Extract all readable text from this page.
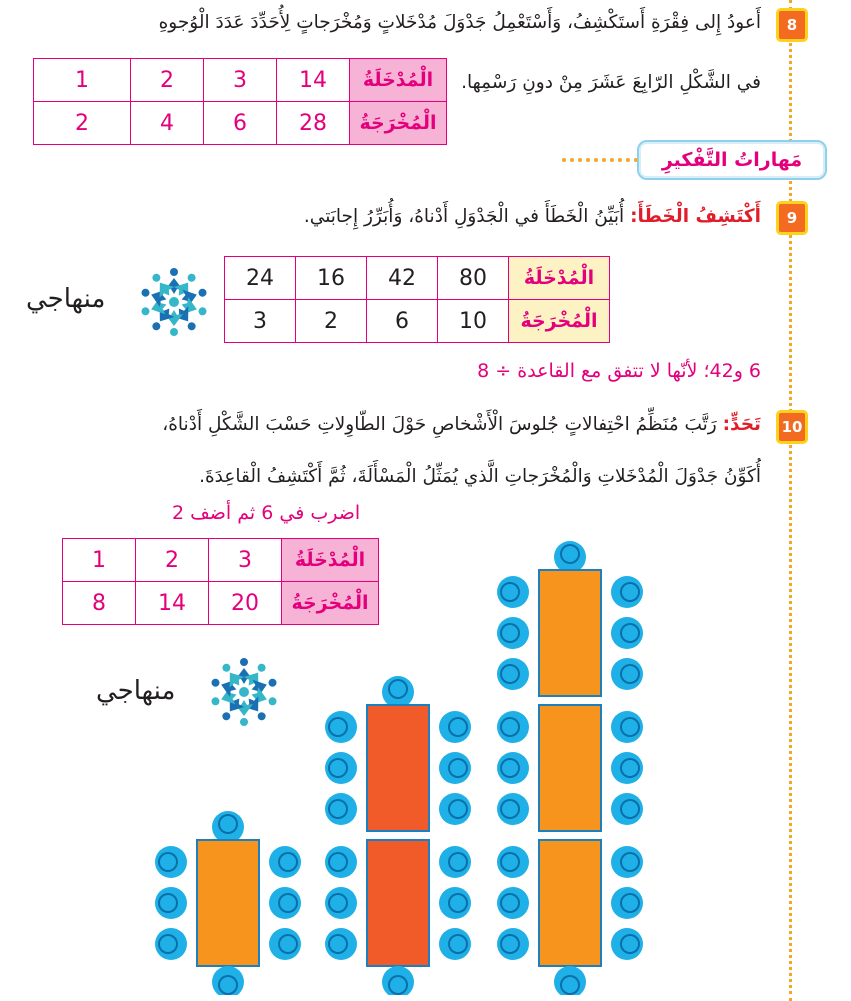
8
أَعودُ إِلى فِقْرَةِ أَستَكْشِفُ، وَأَسْتَعْمِلُ جَدْوَلَ مُدْخَلاتٍ وَمُخْرَجاتٍ لِأُحَدِّدَ عَدَدَ الْوُجوهِ
في الشَّكْلِ الرّابِعَ عَشَرَ مِنْ دونِ رَسْمِها.
1	2	3	14	الْمُدْخَلَةُ
2	4	6	28	الْمُخْرَجَةُ
مَهاراتُ التَّفْكيرِ
9
أَكْتَشِفُ الْخَطَأَ: أُبَيِّنُ الْخَطَأَ في الْجَدْوَلِ أَدْناهُ، وَأُبَرِّرُ إِجابَتي.
24	16	42	80	الْمُدْخَلَةُ
3	2	6	10	الْمُخْرَجَةُ
منهاجي
6 و42؛ لأنّها لا تتفق مع القاعدة ÷ 8
10
تَحَدٍّ: رَتَّبَ مُنَظِّمُ احْتِفالاتٍ جُلوسَ الْأَشْخاصِ حَوْلَ الطّاوِلاتِ حَسْبَ الشَّكْلِ أَدْناهُ،
أُكَوِّنُ جَدْوَلَ الْمُدْخَلاتِ وَالْمُخْرَجاتِ الَّذي يُمَثِّلُ الْمَسْأَلَةَ، ثُمَّ أَكْتَشِفُ الْقاعِدَةَ.
اضرب في 6 ثم أضف 2
1	2	3	الْمُدْخَلَةُ
8	14	20	الْمُخْرَجَةُ
منهاجي
